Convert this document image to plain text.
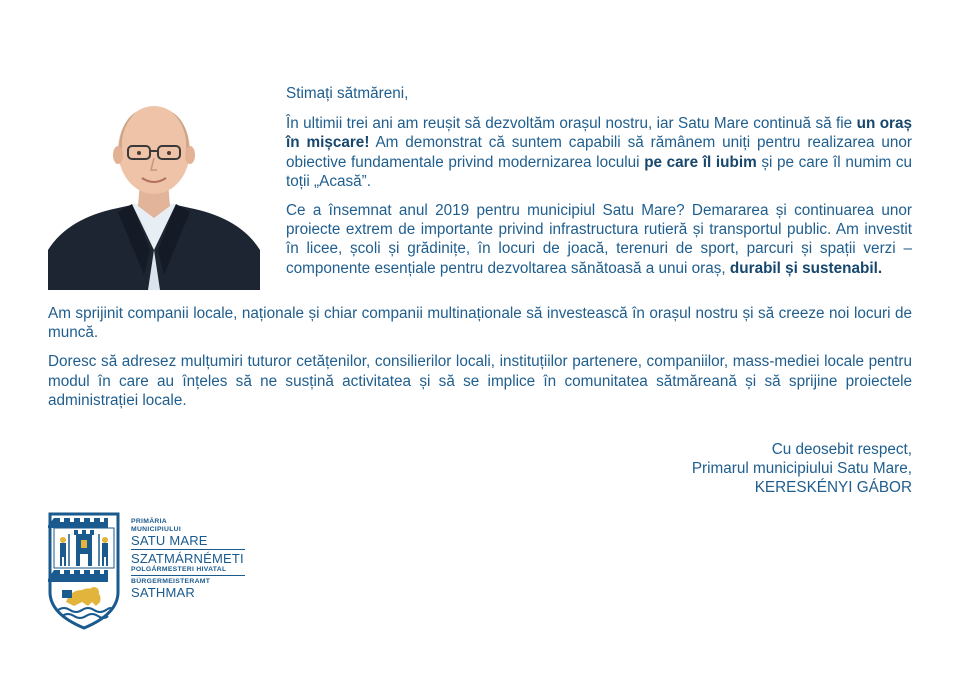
Stimați sătmăreni,

În ultimii trei ani am reușit să dezvoltăm orașul nostru, iar Satu Mare continuă să fie un oraș în mișcare! Am demonstrat că suntem capabili să rămânem uniți pentru realizarea unor obiective fundamentale privind modernizarea locului pe care îl iubim și pe care îl numim cu toții „Acasă”.

Ce a însemnat anul 2019 pentru municipiul Satu Mare? Demararea și continuarea unor proiecte extrem de importante privind infrastructura rutieră și transportul public. Am investit în licee, școli și grădinițe, în locuri de joacă, terenuri de sport, parcuri și spații verzi – componente esențiale pentru dezvoltarea sănătoasă a unui oraș, durabil și sustenabil.

Am sprijinit companii locale, naționale și chiar companii multinaționale să investească în orașul nostru și să creeze noi locuri de muncă.

Doresc să adresez mulțumiri tuturor cetățenilor, consilierilor locali, instituțiilor partenere, companiilor, mass-mediei locale pentru modul în care au înțeles să ne susțină activitatea și să se implice în comunitatea sătmăreană și să sprijine proiectele administrației locale.

Cu deosebit respect,
Primarul municipiului Satu Mare,
KERESKÉNYI GÁBOR
PRIMĂRIA
MUNICIPIULUI
SATU MARE
SZATMÁRNÉMETI
POLGÁRMESTERI HIVATAL
BÜRGERMEISTERAMT
SATHMAR
